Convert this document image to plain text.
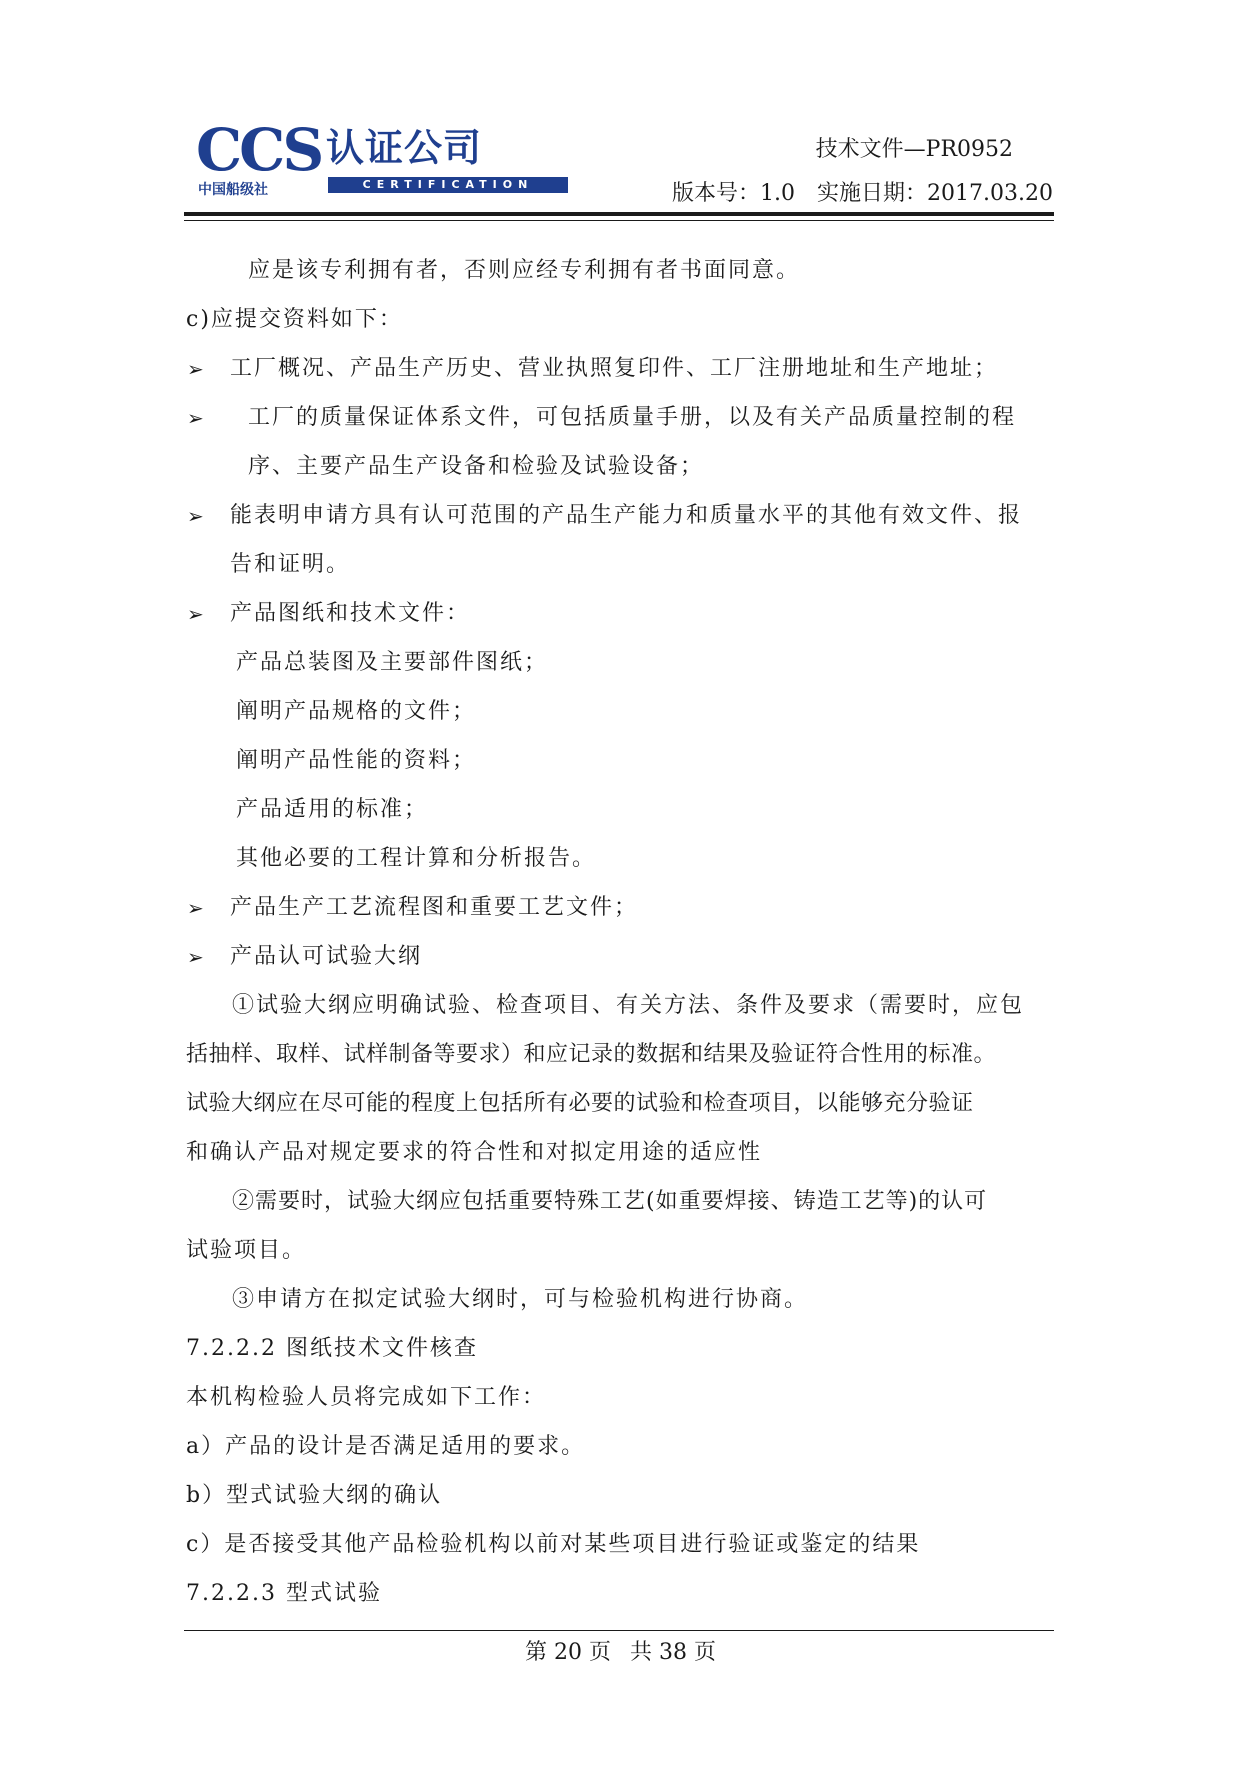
CCS 认证公司
中国船级社	CERTIFICATION
技术文件—PR0952
版本号：1.0　实施日期：2017.03.20
应是该专利拥有者，否则应经专利拥有者书面同意。
c)应提交资料如下：
➢ 工厂概况、产品生产历史、营业执照复印件、工厂注册地址和生产地址；
➢ 工厂的质量保证体系文件，可包括质量手册，以及有关产品质量控制的程
序、主要产品生产设备和检验及试验设备；
➢ 能表明申请方具有认可范围的产品生产能力和质量水平的其他有效文件、报
告和证明。
➢ 产品图纸和技术文件：
产品总装图及主要部件图纸；
阐明产品规格的文件；
阐明产品性能的资料；
产品适用的标准；
其他必要的工程计算和分析报告。
➢ 产品生产工艺流程图和重要工艺文件；
➢ 产品认可试验大纲
①试验大纲应明确试验、检查项目、有关方法、条件及要求（需要时，应包
括抽样、取样、试样制备等要求）和应记录的数据和结果及验证符合性用的标准。
试验大纲应在尽可能的程度上包括所有必要的试验和检查项目，以能够充分验证
和确认产品对规定要求的符合性和对拟定用途的适应性
②需要时，试验大纲应包括重要特殊工艺(如重要焊接、铸造工艺等)的认可
试验项目。
③申请方在拟定试验大纲时，可与检验机构进行协商。
7.2.2.2 图纸技术文件核查
本机构检验人员将完成如下工作：
a）产品的设计是否满足适用的要求。
b）型式试验大纲的确认
c）是否接受其他产品检验机构以前对某些项目进行验证或鉴定的结果
7.2.2.3 型式试验
第 20 页 共 38 页
